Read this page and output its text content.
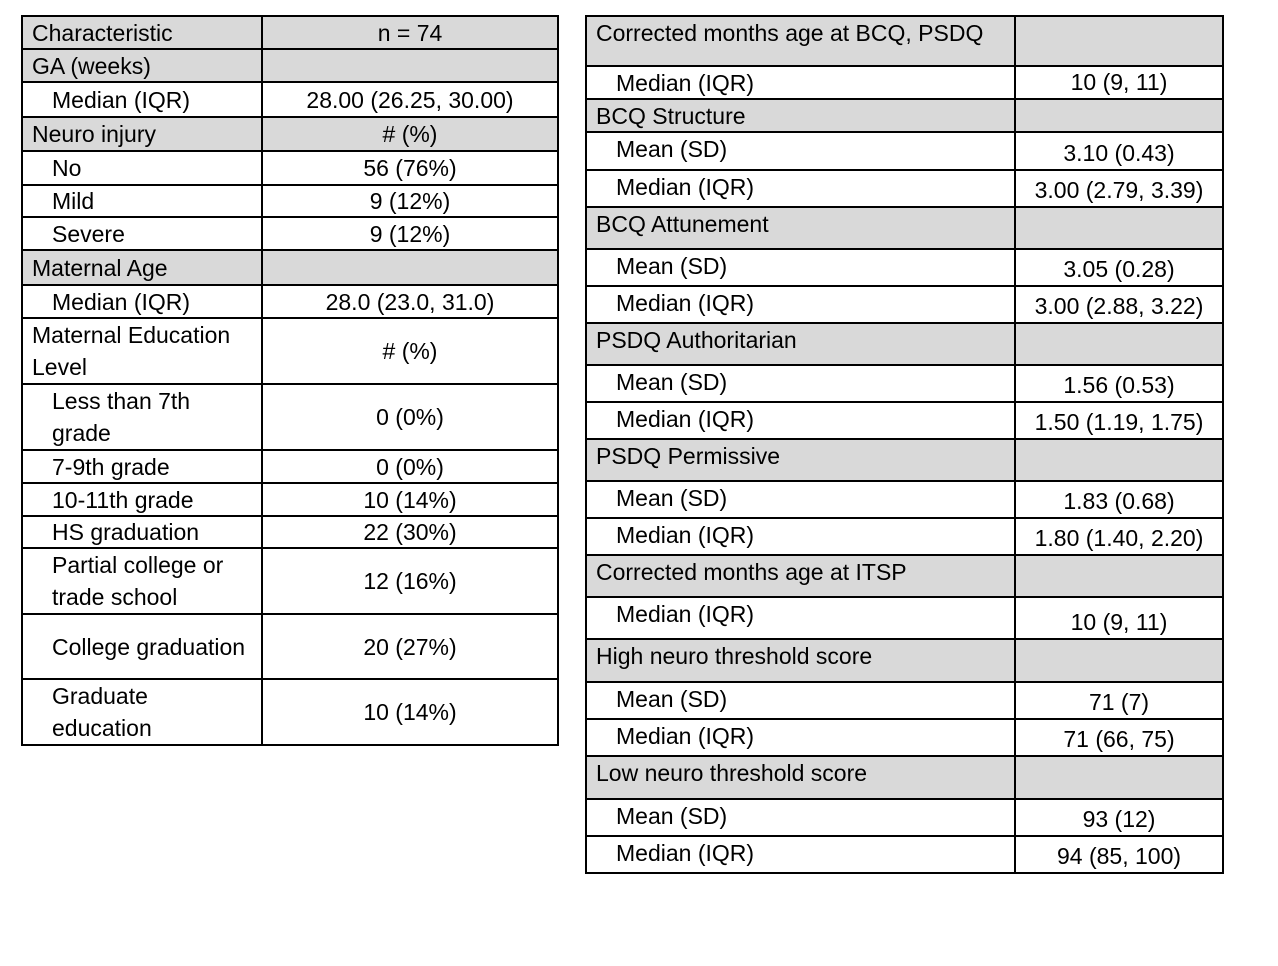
Characteristic	n = 74
GA (weeks)	
Median (IQR)	28.00 (26.25, 30.00)
Neuro injury	# (%)
No	56 (76%)
Mild	9 (12%)
Severe	9 (12%)
Maternal Age	
Median (IQR)	28.0 (23.0, 31.0)
Maternal Education Level	# (%)
Less than 7th grade	0 (0%)
7-9th grade	0 (0%)
10-11th grade	10 (14%)
HS graduation	22 (30%)
Partial college or trade school	12 (16%)
College graduation	20 (27%)
Graduate education	10 (14%)
Corrected months age at BCQ, PSDQ	
Median (IQR)	10 (9, 11)
BCQ Structure	
Mean (SD)	3.10 (0.43)
Median (IQR)	3.00 (2.79, 3.39)
BCQ Attunement	
Mean (SD)	3.05 (0.28)
Median (IQR)	3.00 (2.88, 3.22)
PSDQ Authoritarian	
Mean (SD)	1.56 (0.53)
Median (IQR)	1.50 (1.19, 1.75)
PSDQ Permissive	
Mean (SD)	1.83 (0.68)
Median (IQR)	1.80 (1.40, 2.20)
Corrected months age at ITSP	
Median (IQR)	10 (9, 11)
High neuro threshold score	
Mean (SD)	71 (7)
Median (IQR)	71 (66, 75)
Low neuro threshold score	
Mean (SD)	93 (12)
Median (IQR)	94 (85, 100)
